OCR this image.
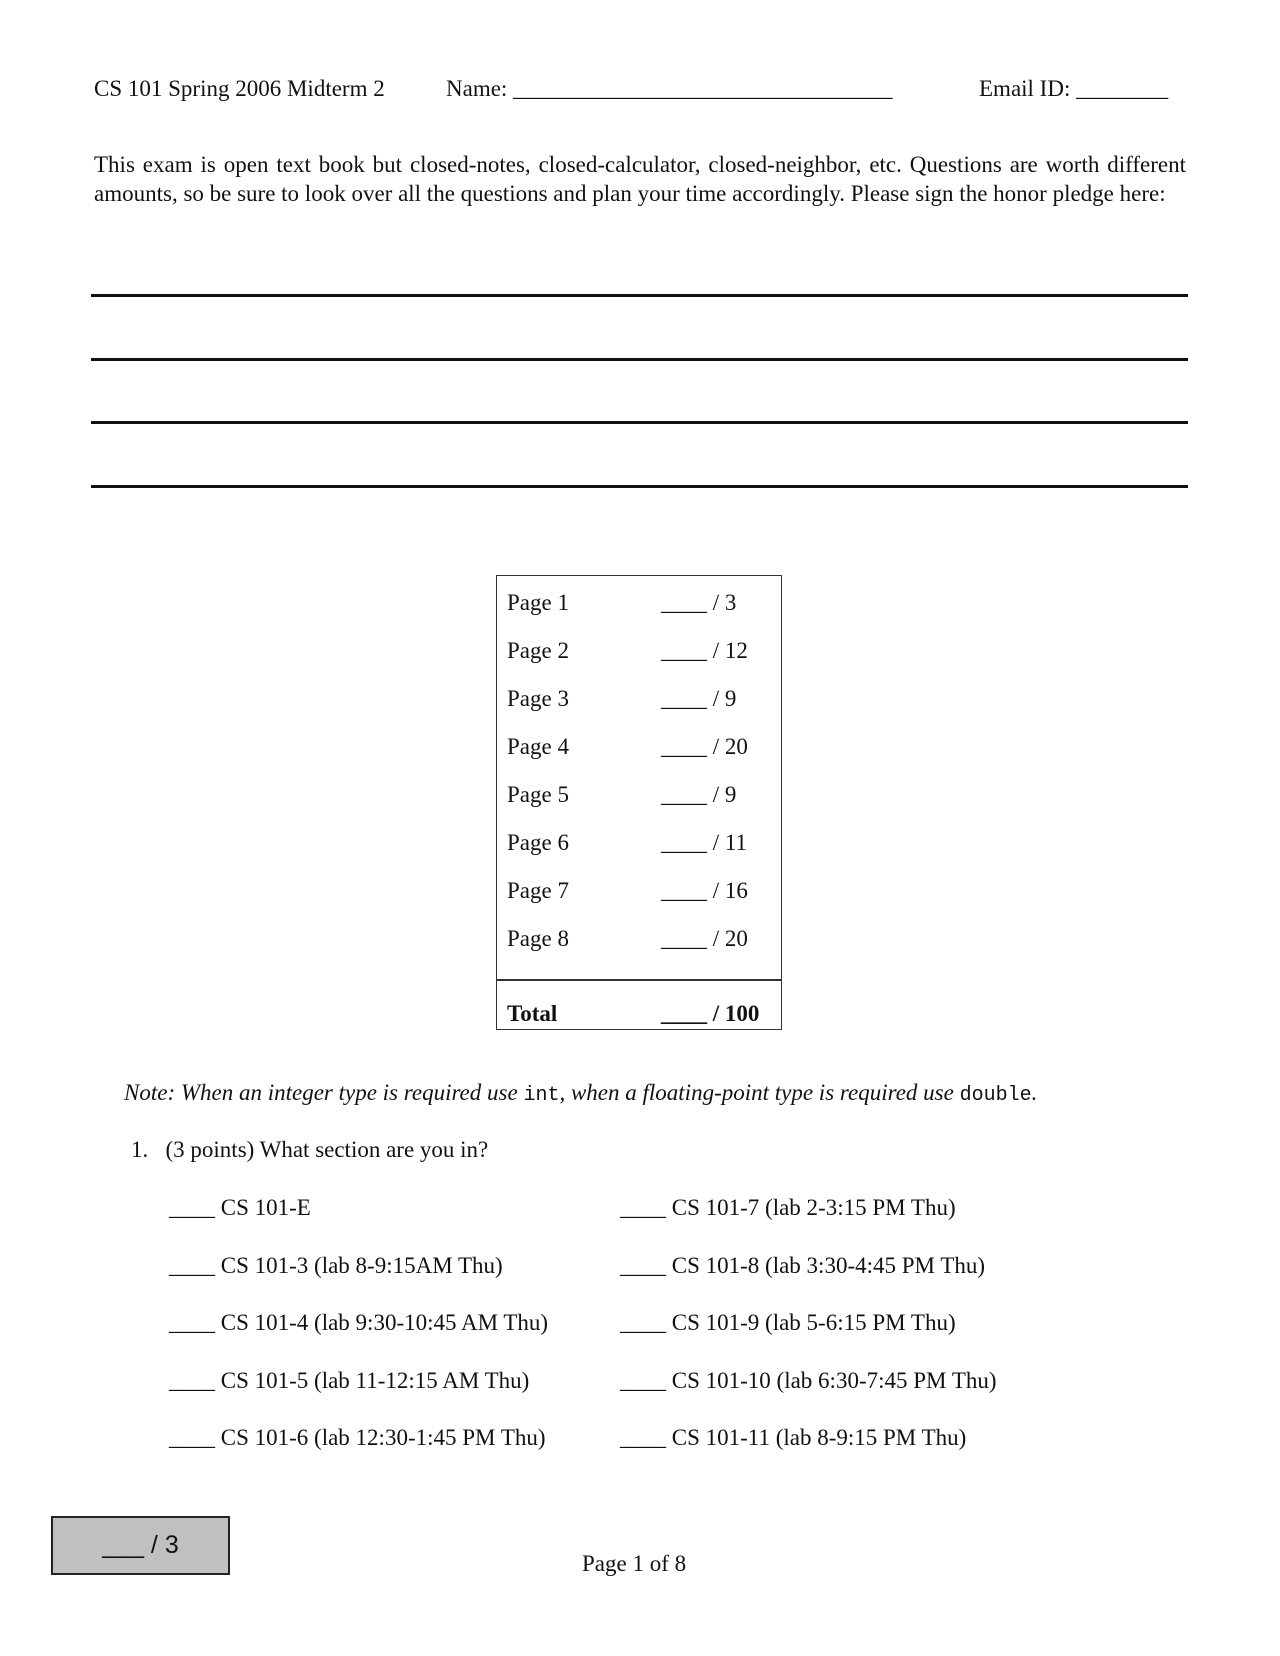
CS 101 Spring 2006 Midterm 2	Name: _________________________________	Email ID: ________
This exam is open text book but closed-notes, closed-calculator, closed-neighbor, etc. Questions are worth different amounts, so be sure to look over all the questions and plan your time accordingly. Please sign the honor pledge here:
Page 1	____ / 3
Page 2	____ / 12
Page 3	____ / 9
Page 4	____ / 20
Page 5	____ / 9
Page 6	____ / 11
Page 7	____ / 16
Page 8	____ / 20
Total	____ / 100
Note: When an integer type is required use int, when a floating-point type is required use double.
1.   (3 points) What section are you in?
____ CS 101-E
____ CS 101-3 (lab 8-9:15AM Thu)
____ CS 101-4 (lab 9:30-10:45 AM Thu)
____ CS 101-5 (lab 11-12:15 AM Thu)
____ CS 101-6 (lab 12:30-1:45 PM Thu)
____ CS 101-7 (lab 2-3:15 PM Thu)
____ CS 101-8 (lab 3:30-4:45 PM Thu)
____ CS 101-9 (lab 5-6:15 PM Thu)
____ CS 101-10 (lab 6:30-7:45 PM Thu)
____ CS 101-11 (lab 8-9:15 PM Thu)
___ / 3
Page 1 of 8
